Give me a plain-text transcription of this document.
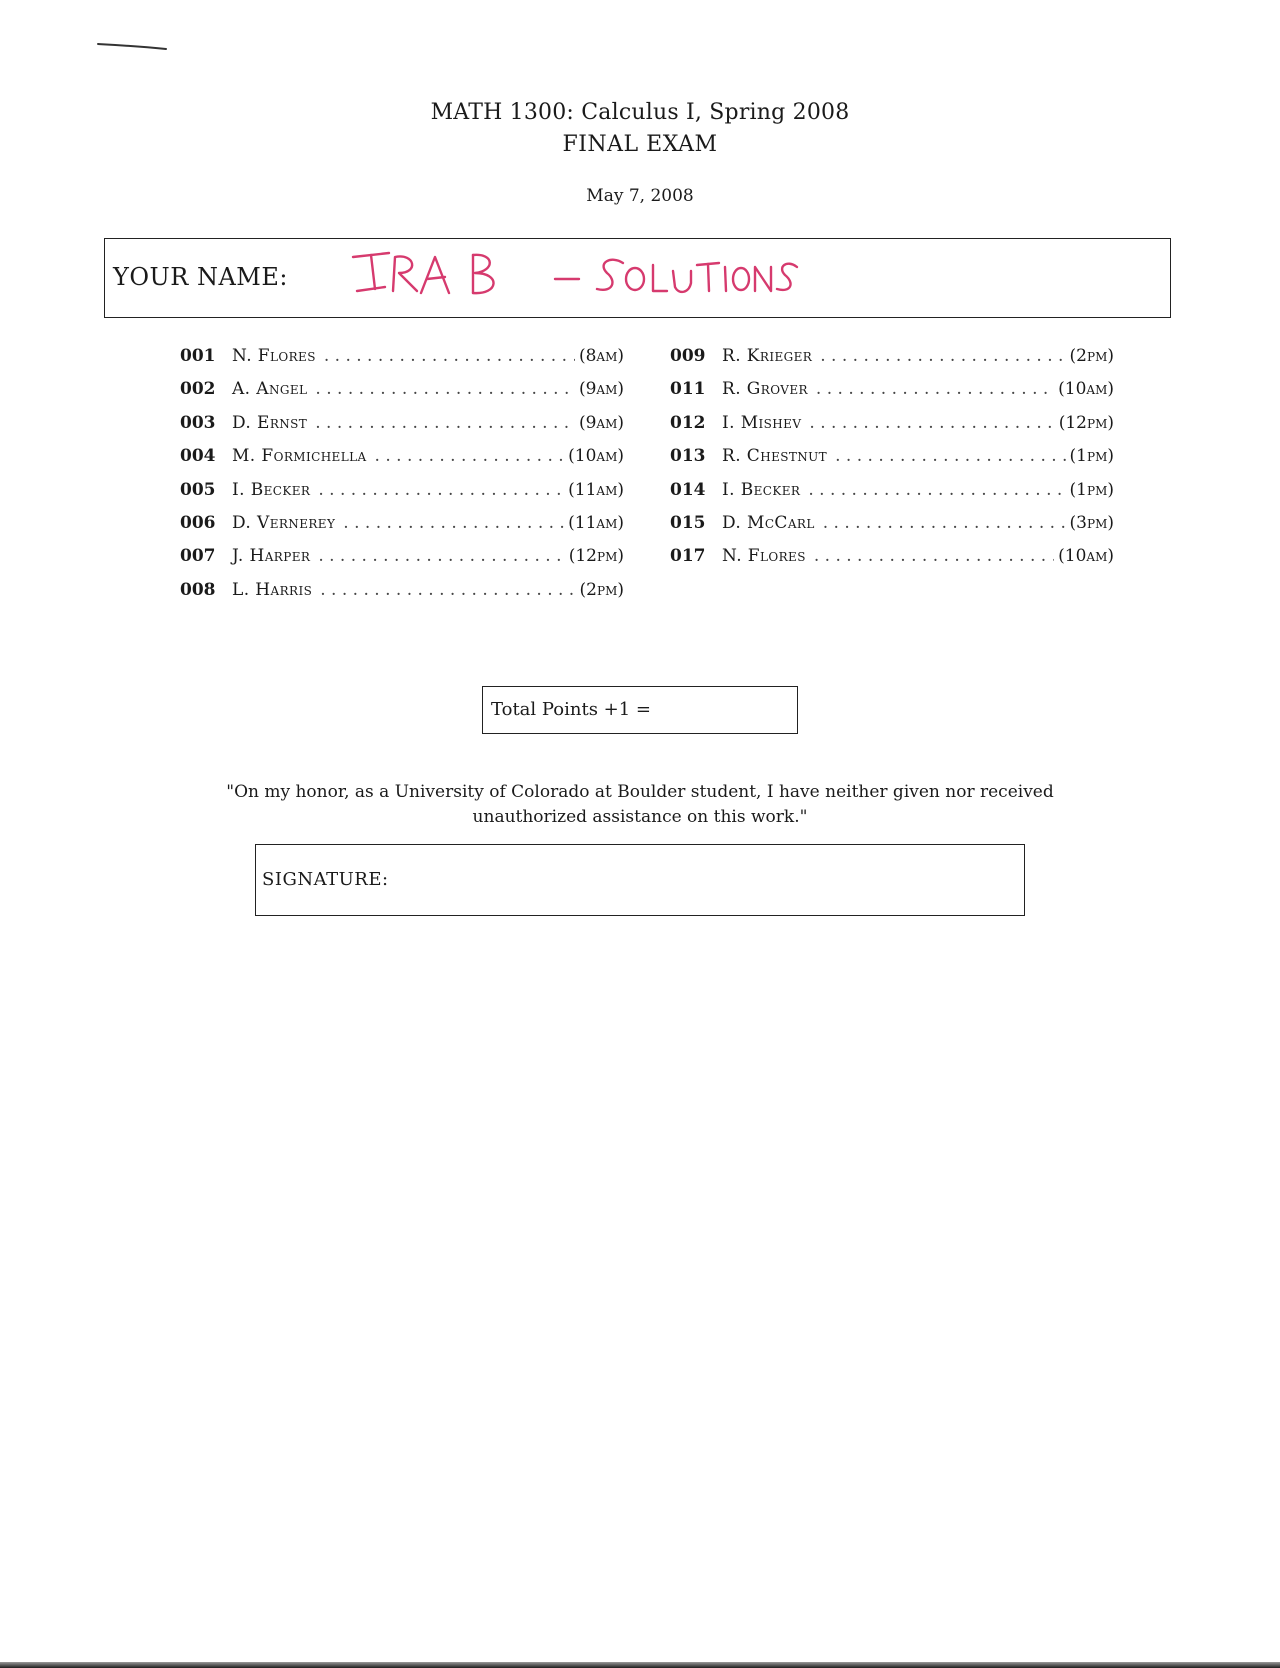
MATH 1300: Calculus I, Spring 2008
FINAL EXAM
May 7, 2008
YOUR NAME:
001 N. Flores . . .	(8am)
002 A. Angel . . .	(9am)
003 D. Ernst . . .	(9am)
004 M. Formichella . . .	(10am)
005 I. Becker . . .	(11am)
006 D. Vernerey . . .	(11am)
007 J. Harper . . .	(12pm)
008 L. Harris . . .	(2pm)
009 R. Krieger . . .	(2pm)
011 R. Grover . . .	(10am)
012 I. Mishev . . .	(12pm)
013 R. Chestnut . . .	(1pm)
014 I. Becker . . .	(1pm)
015 D. McCarl . . .	(3pm)
017 N. Flores . . .	(10am)
Total Points +1 =
"On my honor, as a University of Colorado at Boulder student, I have neither given nor received
unauthorized assistance on this work."
SIGNATURE:
